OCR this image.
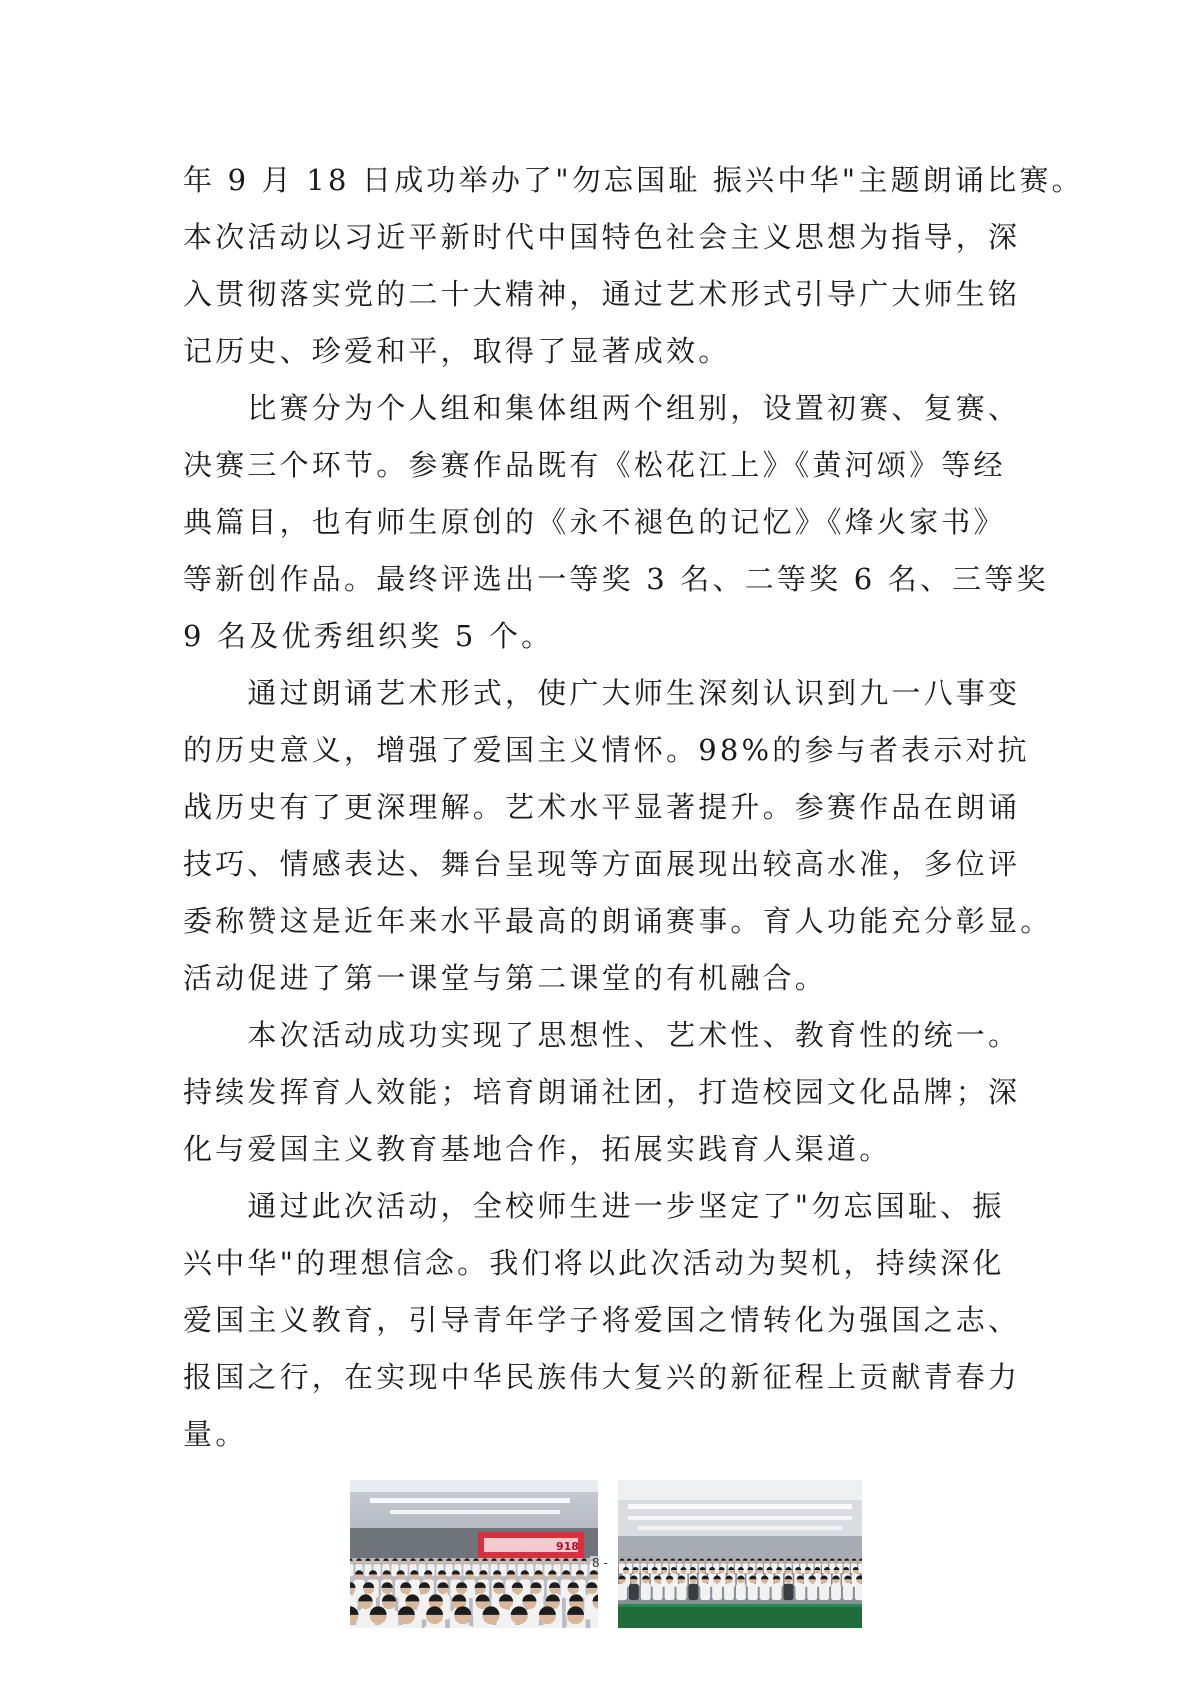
年 9 月 18 日成功举办了"勿忘国耻 振兴中华"主题朗诵比赛。
本次活动以习近平新时代中国特色社会主义思想为指导，深
入贯彻落实党的二十大精神，通过艺术形式引导广大师生铭
记历史、珍爱和平，取得了显著成效。
　　比赛分为个人组和集体组两个组别，设置初赛、复赛、
决赛三个环节。参赛作品既有《松花江上》《黄河颂》等经
典篇目，也有师生原创的《永不褪色的记忆》《烽火家书》
等新创作品。最终评选出一等奖 3 名、二等奖 6 名、三等奖
9 名及优秀组织奖 5 个。
　　通过朗诵艺术形式，使广大师生深刻认识到九一八事变
的历史意义，增强了爱国主义情怀。98%的参与者表示对抗
战历史有了更深理解。艺术水平显著提升。参赛作品在朗诵
技巧、情感表达、舞台呈现等方面展现出较高水准，多位评
委称赞这是近年来水平最高的朗诵赛事。育人功能充分彰显。
活动促进了第一课堂与第二课堂的有机融合。
　　本次活动成功实现了思想性、艺术性、教育性的统一。
持续发挥育人效能；培育朗诵社团，打造校园文化品牌；深
化与爱国主义教育基地合作，拓展实践育人渠道。
　　通过此次活动，全校师生进一步坚定了"勿忘国耻、振
兴中华"的理想信念。我们将以此次活动为契机，持续深化
爱国主义教育，引导青年学子将爱国之情转化为强国之志、
报国之行，在实现中华民族伟大复兴的新征程上贡献青春力
量。
918
8 -
